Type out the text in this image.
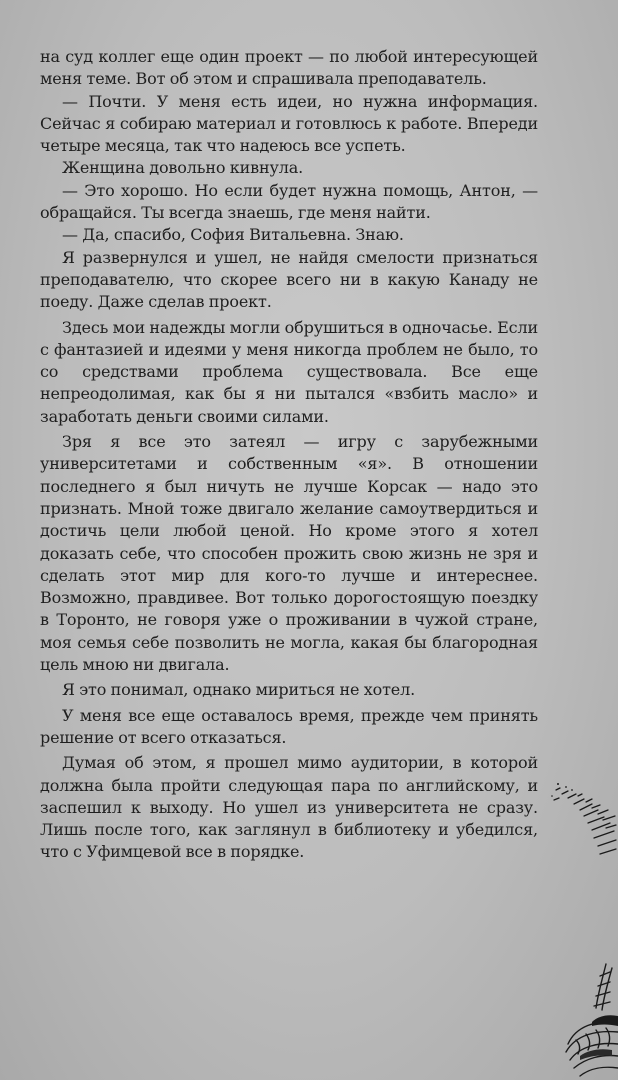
на суд коллег еще один проект — по любой интересующей меня теме. Вот об этом и спрашивала преподаватель.

— Почти. У меня есть идеи, но нужна информация. Сейчас я собираю материал и готовлюсь к работе. Впереди четыре месяца, так что надеюсь все успеть.

Женщина довольно кивнула.

— Это хорошо. Но если будет нужна помощь, Антон, — обращайся. Ты всегда знаешь, где меня найти.

— Да, спасибо, София Витальевна. Знаю.

Я развернулся и ушел, не найдя смелости признаться преподавателю, что скорее всего ни в какую Канаду не поеду. Даже сделав проект.

Здесь мои надежды могли обрушиться в одночасье. Если с фантазией и идеями у меня никогда проблем не было, то со средствами проблема существовала. Все еще непреодолимая, как бы я ни пытался «взбить масло» и заработать деньги своими силами.

Зря я все это затеял — игру с зарубежными университетами и собственным «я». В отношении последнего я был ничуть не лучше Корсак — надо это признать. Мной тоже двигало желание самоутвердиться и достичь цели любой ценой. Но кроме этого я хотел доказать себе, что способен прожить свою жизнь не зря и сделать этот мир для кого-то лучше и интереснее. Возможно, правдивее. Вот только дорогостоящую поездку в Торонто, не говоря уже о проживании в чужой стране, моя семья себе позволить не могла, какая бы благородная цель мною ни двигала.

Я это понимал, однако мириться не хотел.

У меня все еще оставалось время, прежде чем принять решение от всего отказаться.

Думая об этом, я прошел мимо аудитории, в которой должна была пройти следующая пара по английскому, и заспешил к выходу. Но ушел из университета не сразу. Лишь после того, как заглянул в библиотеку и убедился, что с Уфимцевой все в порядке.
